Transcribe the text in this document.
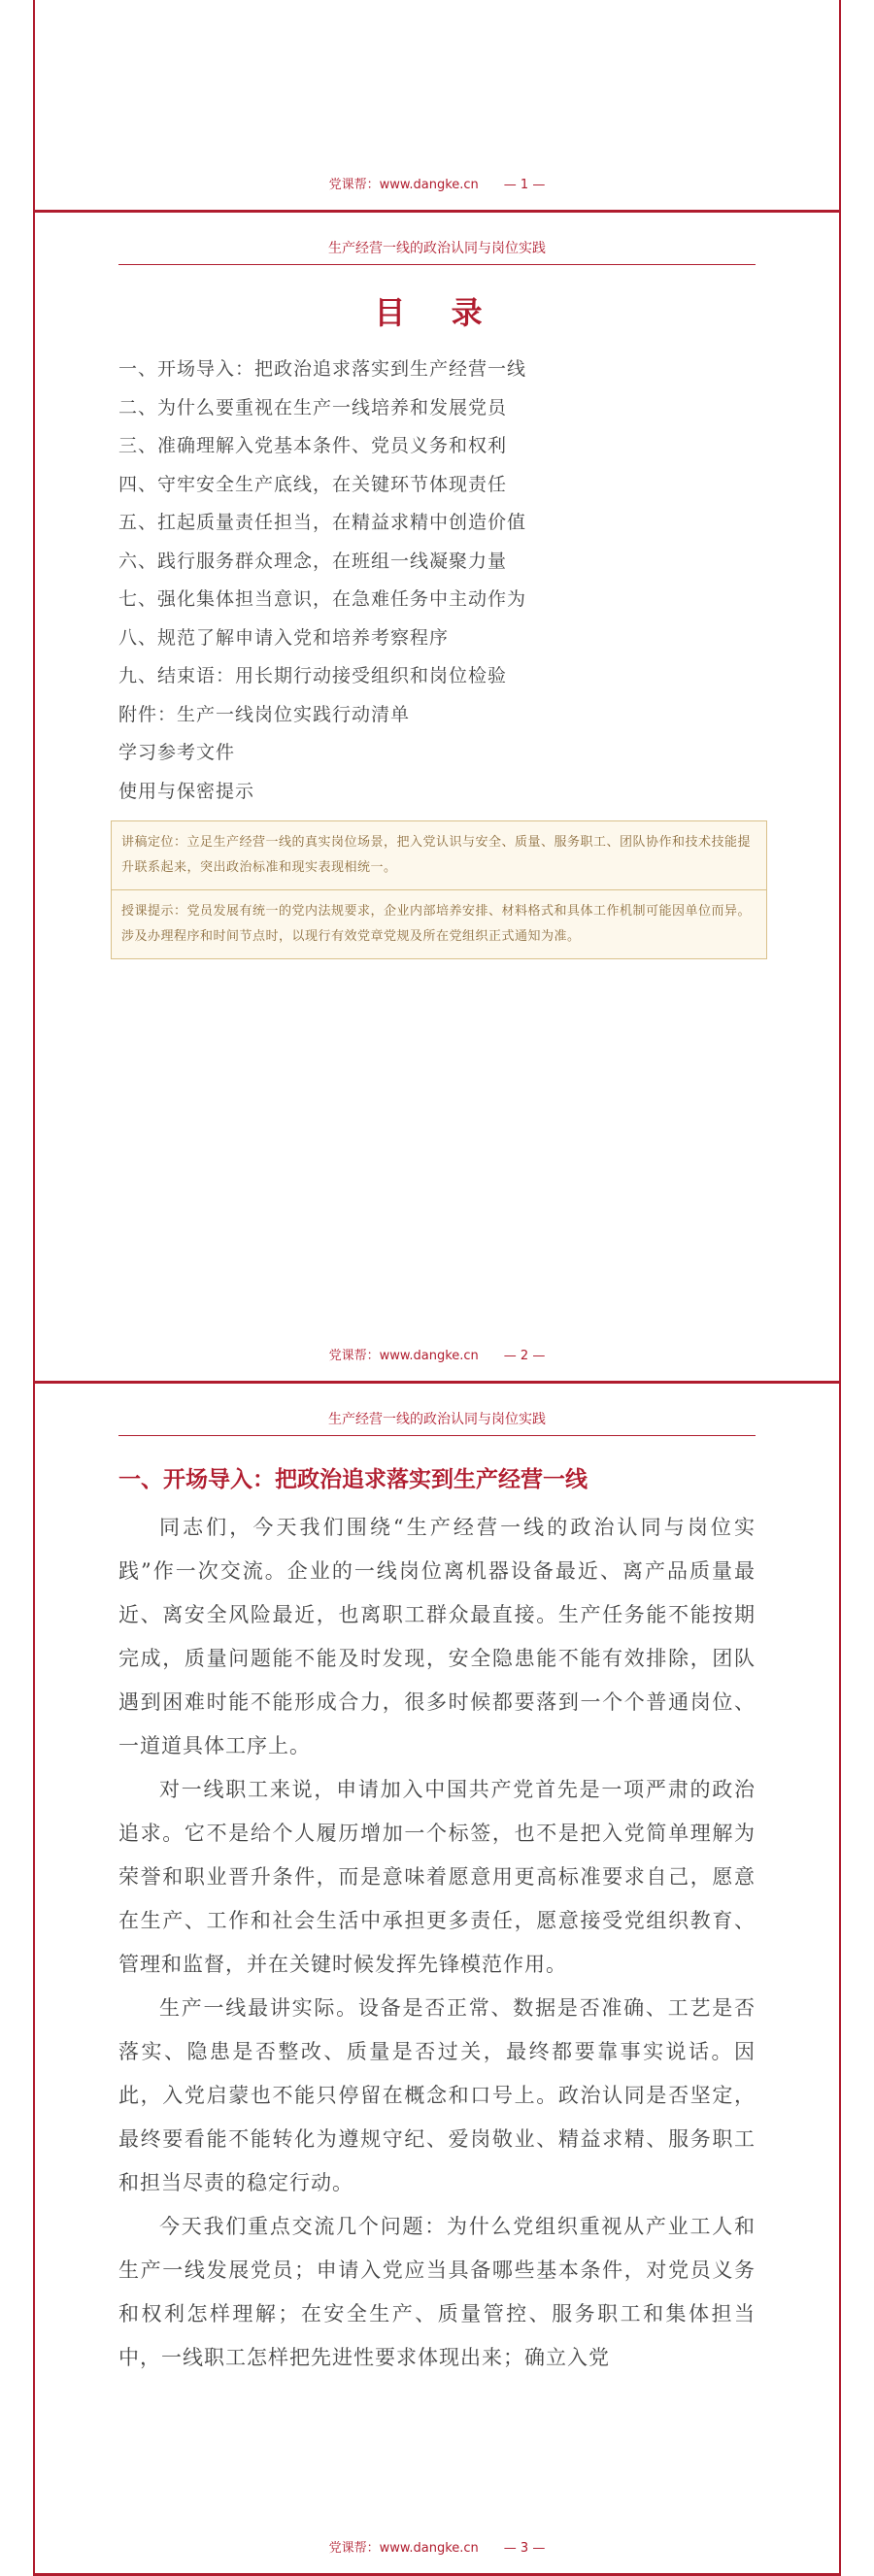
党课帮：www.dangke.cn — 1 —
生产经营一线的政治认同与岗位实践
目 录
一、开场导入：把政治追求落实到生产经营一线
二、为什么要重视在生产一线培养和发展党员
三、准确理解入党基本条件、党员义务和权利
四、守牢安全生产底线，在关键环节体现责任
五、扛起质量责任担当，在精益求精中创造价值
六、践行服务群众理念，在班组一线凝聚力量
七、强化集体担当意识，在急难任务中主动作为
八、规范了解申请入党和培养考察程序
九、结束语：用长期行动接受组织和岗位检验
附件：生产一线岗位实践行动清单
学习参考文件
使用与保密提示
讲稿定位：立足生产经营一线的真实岗位场景，把入党认识与安全、质量、服务职工、团队协作和技术技能提升联系起来，突出政治标准和现实表现相统一。
授课提示：党员发展有统一的党内法规要求，企业内部培养安排、材料格式和具体工作机制可能因单位而异。涉及办理程序和时间节点时，以现行有效党章党规及所在党组织正式通知为准。
党课帮：www.dangke.cn — 2 —
生产经营一线的政治认同与岗位实践
一、开场导入：把政治追求落实到生产经营一线

同志们，今天我们围绕“生产经营一线的政治认同与岗位实践”作一次交流。企业的一线岗位离机器设备最近、离产品质量最近、离安全风险最近，也离职工群众最直接。生产任务能不能按期完成，质量问题能不能及时发现，安全隐患能不能有效排除，团队遇到困难时能不能形成合力，很多时候都要落到一个个普通岗位、一道道具体工序上。

对一线职工来说，申请加入中国共产党首先是一项严肃的政治追求。它不是给个人履历增加一个标签，也不是把入党简单理解为荣誉和职业晋升条件，而是意味着愿意用更高标准要求自己，愿意在生产、工作和社会生活中承担更多责任，愿意接受党组织教育、管理和监督，并在关键时候发挥先锋模范作用。

生产一线最讲实际。设备是否正常、数据是否准确、工艺是否落实、隐患是否整改、质量是否过关，最终都要靠事实说话。因此，入党启蒙也不能只停留在概念和口号上。政治认同是否坚定，最终要看能不能转化为遵规守纪、爱岗敬业、精益求精、服务职工和担当尽责的稳定行动。

今天我们重点交流几个问题：为什么党组织重视从产业工人和生产一线发展党员；申请入党应当具备哪些基本条件，对党员义务和权利怎样理解；在安全生产、质量管控、服务职工和集体担当中，一线职工怎样把先进性要求体现出来；确立入党

党课帮：www.dangke.cn — 3 —
